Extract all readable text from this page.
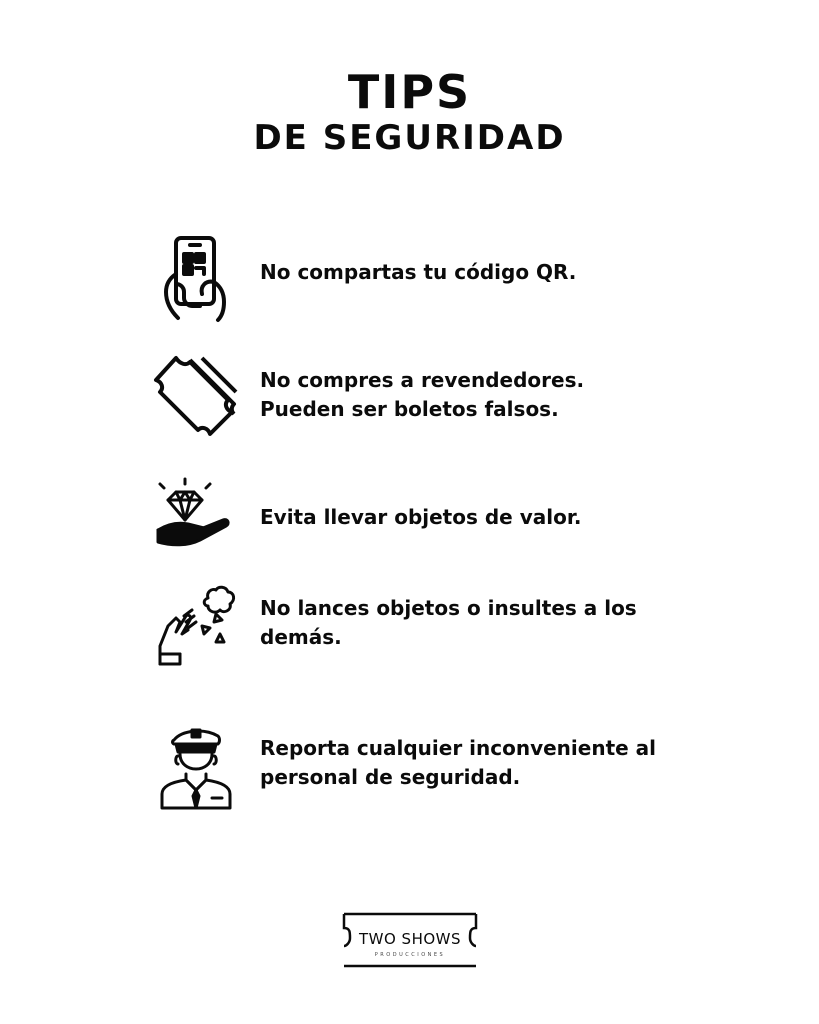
TIPS
DE SEGURIDAD

No compartas tu código QR.

No compres a revendedores.
Pueden ser boletos falsos.

Evita llevar objetos de valor.

No lances objetos o insultes a los
demás.

Reporta cualquier inconveniente al
personal de seguridad.

TWO SHOWS

PRODUCCIONES
